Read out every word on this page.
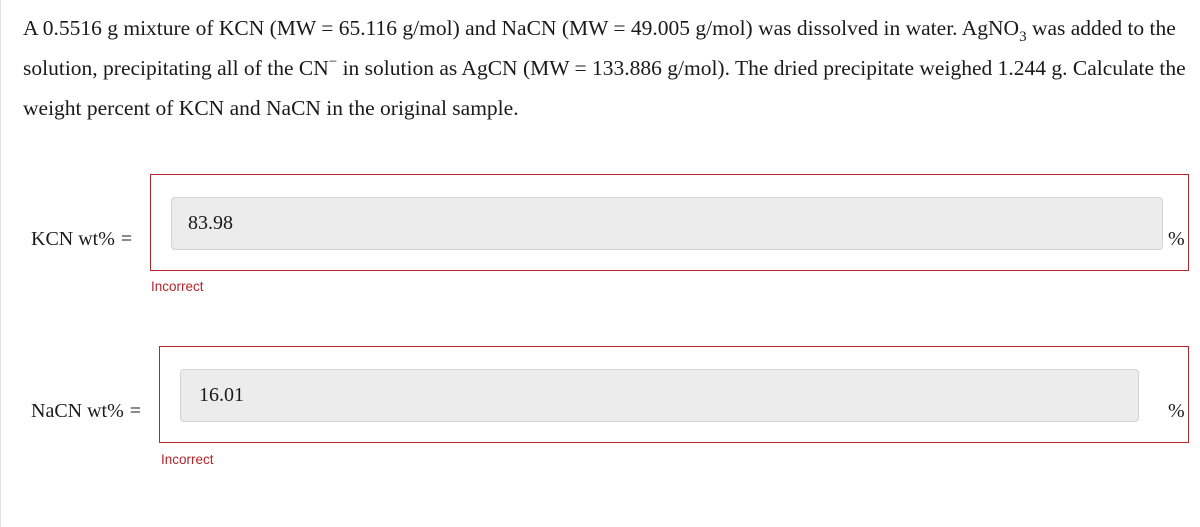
A 0.5516 g mixture of KCN (MW = 65.116 g/mol) and NaCN (MW = 49.005 g/mol) was dissolved in water. AgNO$_3$ was added to the solution, precipitating all of the CN− in solution as AgCN (MW = 133.886 g/mol). The dried precipitate weighed 1.244 g. Calculate the weight percent of KCN and NaCN in the original sample.
KCN wt% =
83.98
%
Incorrect
NaCN wt% =
16.01
%
Incorrect
